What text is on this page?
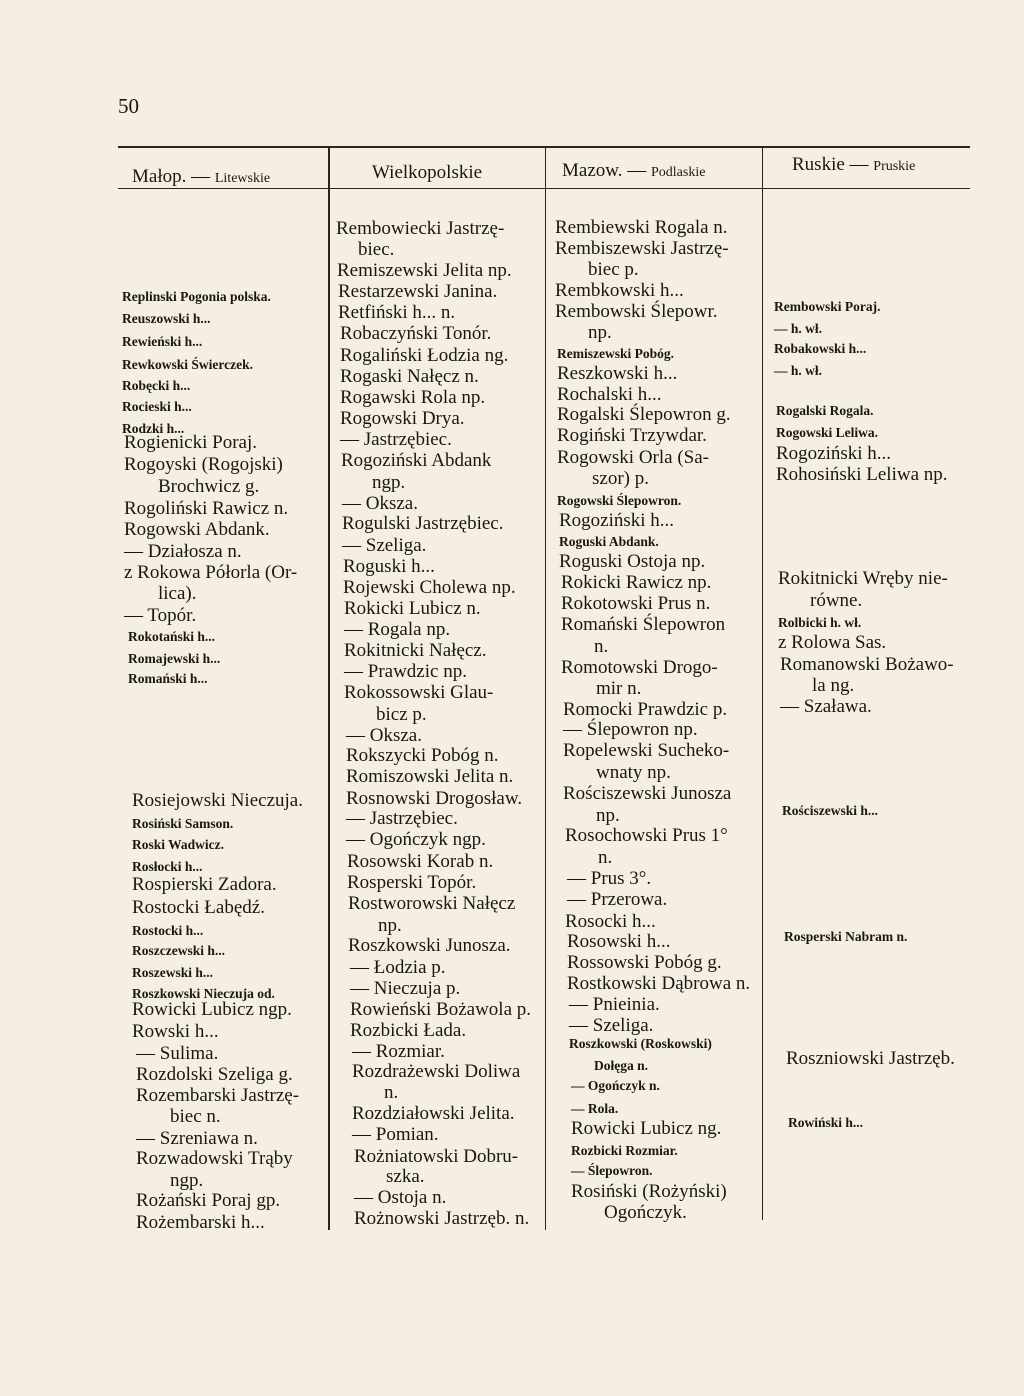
50
Małop. — Litewskie	Wielkopolskie	Mazow. — Podlaskie	Ruskie — Pruskie
Replinski Pogonia polska.
Reuszowski h...
Rewieński h...
Rewkowski Świerczek.
Robęcki h...
Rocieski h...
Rodzki h...
Rogienicki Poraj.
Rogoyski (Rogojski)
Brochwicz g.
Rogoliński Rawicz n.
Rogowski Abdank.
— Działosza n.
z Rokowa Półorla (Or-
lica).
— Topór.
Rokotański h...
Romajewski h...
Romański h...
Rosiejowski Nieczuja.
Rosiński Samson.
Roski Wadwicz.
Rosłocki h...
Rospierski Zadora.
Rostocki Łabędź.
Rostocki h...
Roszczewski h...
Roszewski h...
Roszkowski Nieczuja od.
Rowicki Lubicz ngp.
Rowski h...
— Sulima.
Rozdolski Szeliga g.
Rozembarski Jastrzę-
biec n.
— Szreniawa n.
Rozwadowski Trąby
ngp.
Rożański Poraj gp.
Rożembarski h...
Rembowiecki Jastrzę-
biec.
Remiszewski Jelita np.
Restarzewski Janina.
Retfiński h... n.
Robaczyński Tonór.
Rogaliński Łodzia ng.
Rogaski Nałęcz n.
Rogawski Rola np.
Rogowski Drya.
— Jastrzębiec.
Rogoziński Abdank
ngp.
— Oksza.
Rogulski Jastrzębiec.
— Szeliga.
Roguski h...
Rojewski Cholewa np.
Rokicki Lubicz n.
— Rogala np.
Rokitnicki Nałęcz.
— Prawdzic np.
Rokossowski Glau-
bicz p.
— Oksza.
Rokszycki Pobóg n.
Romiszowski Jelita n.
Rosnowski Drogosław.
— Jastrzębiec.
— Ogończyk ngp.
Rosowski Korab n.
Rosperski Topór.
Rostworowski Nałęcz
np.
Roszkowski Junosza.
— Łodzia p.
— Nieczuja p.
Rowieński Bożawola p.
Rozbicki Łada.
— Rozmiar.
Rozdrażewski Doliwa
n.
Rozdziałowski Jelita.
— Pomian.
Rożniatowski Dobru-
szka.
— Ostoja n.
Rożnowski Jastrzęb. n.
Rembiewski Rogala n.
Rembiszewski Jastrzę-
biec p.
Rembkowski h...
Rembowski Ślepowr.
np.
Remiszewski Pobóg.
Reszkowski h...
Rochalski h...
Rogalski Ślepowron g.
Rogiński Trzywdar.
Rogowski Orla (Sa-
szor) p.
Rogowski Ślepowron.
Rogoziński h...
Roguski Abdank.
Roguski Ostoja np.
Rokicki Rawicz np.
Rokotowski Prus n.
Romański Ślepowron
n.
Romotowski Drogo-
mir n.
Romocki Prawdzic p.
— Ślepowron np.
Ropelewski Sucheko-
wnaty np.
Rościszewski Junosza
np.
Rosochowski Prus 1°
n.
— Prus 3°.
— Przerowa.
Rosocki h...
Rosowski h...
Rossowski Pobóg g.
Rostkowski Dąbrowa n.
— Pnieinia.
— Szeliga.
Roszkowski (Roskowski)
Dołęga n.
— Ogończyk n.
— Rola.
Rowicki Lubicz ng.
Rozbicki Rozmiar.
— Ślepowron.
Rosiński (Rożyński)
Ogończyk.
Rembowski Poraj.
— h. wł.
Robakowski h...
— h. wł.
Rogalski Rogala.
Rogowski Leliwa.
Rogoziński h...
Rohosiński Leliwa np.
Rokitnicki Wręby nie-
równe.
Rolbicki h. wł.
z Rolowa Sas.
Romanowski Bożawo-
la ng.
— Szaława.
Rościszewski h...
Rosperski Nabram n.
Roszniowski Jastrzęb.
Rowiński h...
